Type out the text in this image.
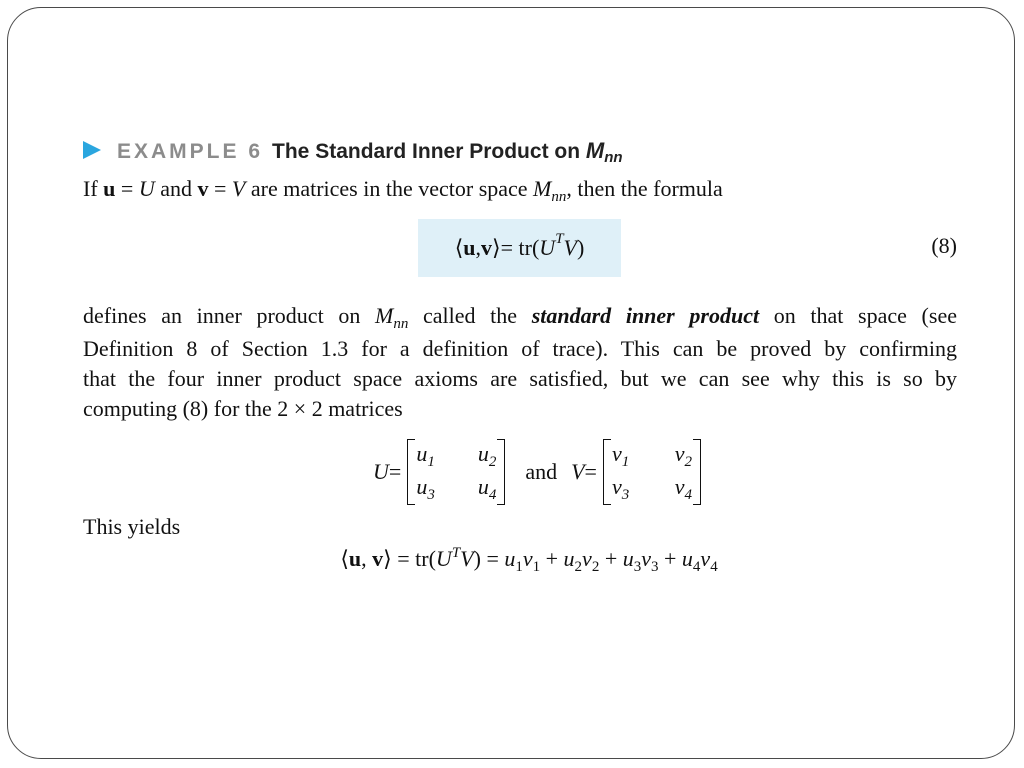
EXAMPLE 6 The Standard Inner Product on Mnn

If u = U and v = V are matrices in the vector space $M_{nn}$, then the formula

⟨ u , v ⟩ = tr( U T V )	(8)

defines an inner product on $M_{nn}$ called the standard inner product on that space (see

Definition 8 of Section 1.3 for a definition of trace). This can be proved by confirming

that the four inner product space axioms are satisfied, but we can see why this is so by

computing (8) for the 2 × 2 matrices

U =
$u_1$	$u_2$
$u_3$	$u_4$
and V =
$v_1$	$v_2$
$v_3$	$v_4$

This yields

⟨u, v⟩ = $tr(U^TV) = u_1v_1 + u_2v_2 + u_3v_3 + u_4v_4$
